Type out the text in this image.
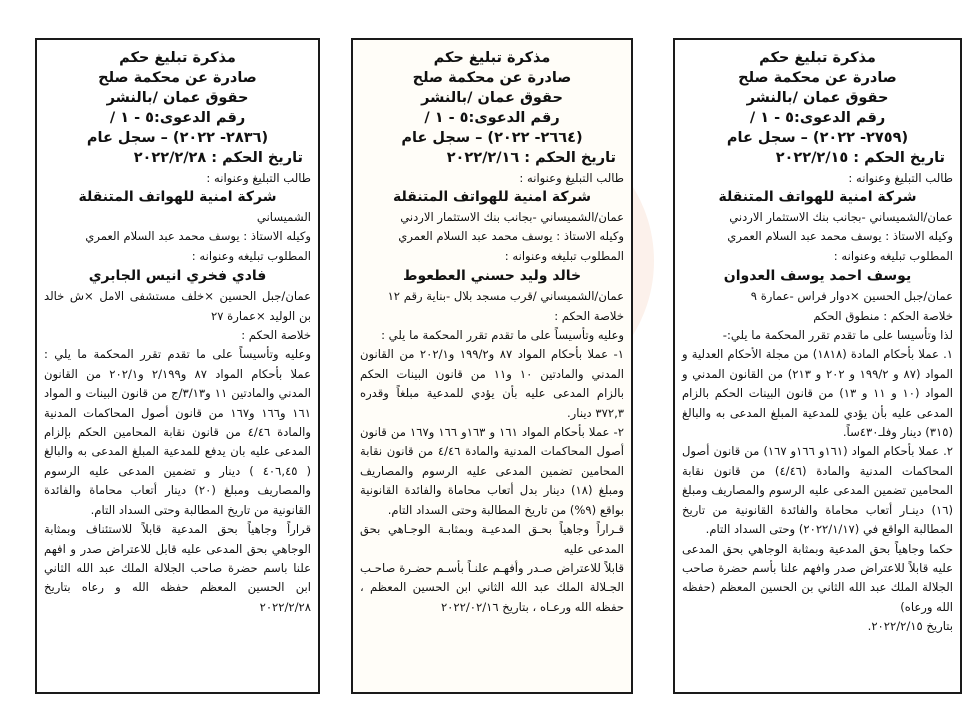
مذكرة تبليغ حكم
صادرة عن محكمة صلح
حقوق عمان /بالنشر
رقم الدعوى:٥ - ١ /
(٢٧٥٩- ٢٠٢٢) – سجل عام
تاريخ الحكم : ٢٠٢٢/٢/١٥
طالب التبليغ وعنوانه :
شركة امنية للهواتف المتنقلة
عمان/الشميساني -بجانب بنك الاستثمار الاردني
وكيله الاستاذ : يوسف محمد عبد السلام العمري
المطلوب تبليغه وعنوانه :
يوسف احمد يوسف العدوان

عمان/جبل الحسين ×دوار فراس -عمارة ٩

خلاصة الحكم : منطوق الحكم

لذا وتأسيسا على ما تقدم تقرر المحكمة ما يلي:-

١. عملا بأحكام المادة (١٨١٨) من مجلة الأحكام العدلية و المواد (٨٧ و ١٩٩/٢ و ٢٠٢ و ٢١٣) من القانون المدني و المواد (١٠ و ١١ و ١٣) من قانون البينات الحكم بالزام المدعى عليه بأن يؤدي للمدعية المبلغ المدعى به والبالغ (٣١٥) دينار وفلـ٤٣٠ساً.

٢. عملا بأحكام المواد (١٦١و ١٦٦و ١٦٧) من قانون أصول المحاكمات المدنية والمادة (٤/٤٦) من قانون نقابة المحامين تضمين المدعى عليه الرسوم والمصاريف ومبلغ (١٦) دينـار أتعاب محاماة والفائدة القانونية من تاريخ المطالبة الواقع في (٢٠٢٢/١/١٧) وحتى السداد التام.

حكما وجاهياً بحق المدعية وبمثابة الوجاهي بحق المدعى عليه قابلاً للاعتراض صدر وافهم علنا بأسم حضرة صاحب الجلالة الملك عبد الله الثاني بن الحسين المعظم (حفظه الله ورعاه)

بتاريخ ٢٠٢٢/٢/١٥.

مذكرة تبليغ حكم
صادرة عن محكمة صلح
حقوق عمان /بالنشر
رقم الدعوى:٥ - ١ /
(٢٦٦٤- ٢٠٢٢) – سجل عام
تاريخ الحكم : ٢٠٢٢/٢/١٦
طالب التبليغ وعنوانه :
شركة امنية للهواتف المتنقلة
عمان/الشميساني -بجانب بنك الاستثمار الاردني
وكيله الاستاذ : يوسف محمد عبد السلام العمري
المطلوب تبليغه وعنوانه :
خالد وليد حسني العطعوط

عمان/الشميساني /قرب مسجد بلال -بناية رقم ١٢

خلاصة الحكم :

وعليه وتأسيساً على ما تقدم تقرر المحكمة ما يلي :

١- عملا بأحكام المواد ٨٧ و١٩٩/٢ و٢٠٢/١ من القانون المدني والمادتين ١٠ و١١ من قانون البينات الحكم بالزام المدعى عليه بأن يؤدي للمدعية مبلغاً وقدره ٣٧٢,٣ دينار.

٢- عملا بأحكام المواد ١٦١ و ١٦٣و ١٦٦ و١٦٧ من قانون أصول المحاكمات المدنية والمادة ٤/٤٦ من قانون نقابة المحامين تضمين المدعى عليه الرسوم والمصاريف ومبلغ (١٨) دينار بدل أتعاب محاماة والفائدة القانونية بواقع (٩%) من تاريخ المطالبة وحتى السداد التام.

قـراراً وجاهياً بحـق المدعيـة وبمثابـة الوجـاهي بحق المدعى عليه

قابلاً للاعتراض صـدر وأفهـم علنـاً بأسـم حضـرة صاحـب الجـلالة الملك عبد الله الثاني ابن الحسين المعظم ، حفظه الله ورعـاه ، بتاريخ ٢٠٢٢/٠٢/١٦

مذكرة تبليغ حكم
صادرة عن محكمة صلح
حقوق عمان /بالنشر
رقم الدعوى:٥ - ١ /
(٢٨٣٦- ٢٠٢٢) – سجل عام
تاريخ الحكم : ٢٠٢٢/٢/٢٨
طالب التبليغ وعنوانه :
شركة امنية للهواتف المتنقلة
الشميساني
وكيله الاستاذ : يوسف محمد عبد السلام العمري
المطلوب تبليغه وعنوانه :
فادي فخري انيس الجابري

عمان/جبل الحسين ×خلف مستشفى الامل ×ش خالد بن الوليد ×عمارة ٢٧

خلاصة الحكم :

وعليه وتأسيساً على ما تقدم تقرر المحكمة ما يلي : عملا بأحكام المواد ٨٧ و٢/١٩٩ و٢٠٢/١ من القانون المدني والمادتين ١١ و٣/١٣/ج من قانون البينات و المواد ١٦١ و١٦٦ و١٦٧ من قانون أصول المحاكمات المدنية والمادة ٤/٤٦ من قانون نقابة المحامين الحكم بإلزام المدعى عليه بان يدفع للمدعية المبلغ المدعى به والبالغ ( ٤٠٦,٤٥ ) دينار و تضمين المدعى عليه الرسوم والمصاريف ومبلغ (٢٠) دينار أتعاب محاماة والفائدة القانونية من تاريخ المطالبة وحتى السداد التام.

قراراً وجاهياً بحق المدعية قابلاً للاستئناف وبمثابة الوجاهي بحق المدعى عليه قابل للاعتراض صدر و افهم علنا باسم حضرة صاحب الجلالة الملك عبد الله الثاني ابن الحسين المعظم حفظه الله و رعاه بتاريخ ٢٠٢٢/٢/٢٨
